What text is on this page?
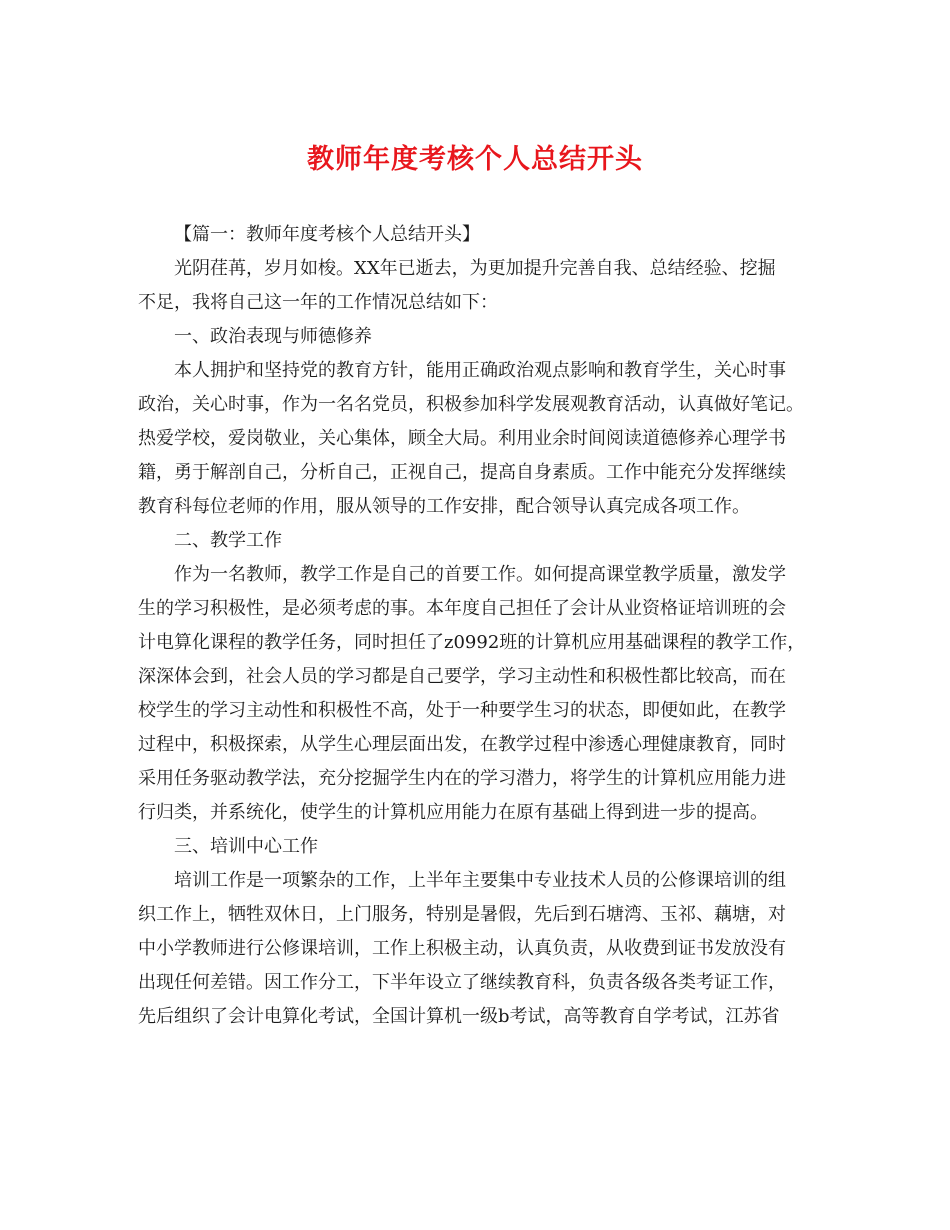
教师年度考核个人总结开头
【篇一：教师年度考核个人总结开头】
光阴荏苒，岁月如梭。XX年已逝去，为更加提升完善自我、总结经验、挖掘
不足，我将自己这一年的工作情况总结如下：
一、政治表现与师德修养
本人拥护和坚持党的教育方针，能用正确政治观点影响和教育学生，关心时事
政治，关心时事，作为一名名党员，积极参加科学发展观教育活动，认真做好笔记。
热爱学校，爱岗敬业，关心集体，顾全大局。利用业余时间阅读道德修养心理学书
籍，勇于解剖自己，分析自己，正视自己，提高自身素质。工作中能充分发挥继续
教育科每位老师的作用，服从领导的工作安排，配合领导认真完成各项工作。
二、教学工作
作为一名教师，教学工作是自己的首要工作。如何提高课堂教学质量，激发学
生的学习积极性，是必须考虑的事。本年度自己担任了会计从业资格证培训班的会
计电算化课程的教学任务，同时担任了z0992班的计算机应用基础课程的教学工作，
深深体会到，社会人员的学习都是自己要学，学习主动性和积极性都比较高，而在
校学生的学习主动性和积极性不高，处于一种要学生习的状态，即便如此，在教学
过程中，积极探索，从学生心理层面出发，在教学过程中渗透心理健康教育，同时
采用任务驱动教学法，充分挖掘学生内在的学习潜力，将学生的计算机应用能力进
行归类，并系统化，使学生的计算机应用能力在原有基础上得到进一步的提高。
三、培训中心工作
培训工作是一项繁杂的工作，上半年主要集中专业技术人员的公修课培训的组
织工作上，牺牲双休日，上门服务，特别是暑假，先后到石塘湾、玉祁、藕塘，对
中小学教师进行公修课培训，工作上积极主动，认真负责，从收费到证书发放没有
出现任何差错。因工作分工，下半年设立了继续教育科，负责各级各类考证工作，
先后组织了会计电算化考试，全国计算机一级b考试，高等教育自学考试，江苏省
